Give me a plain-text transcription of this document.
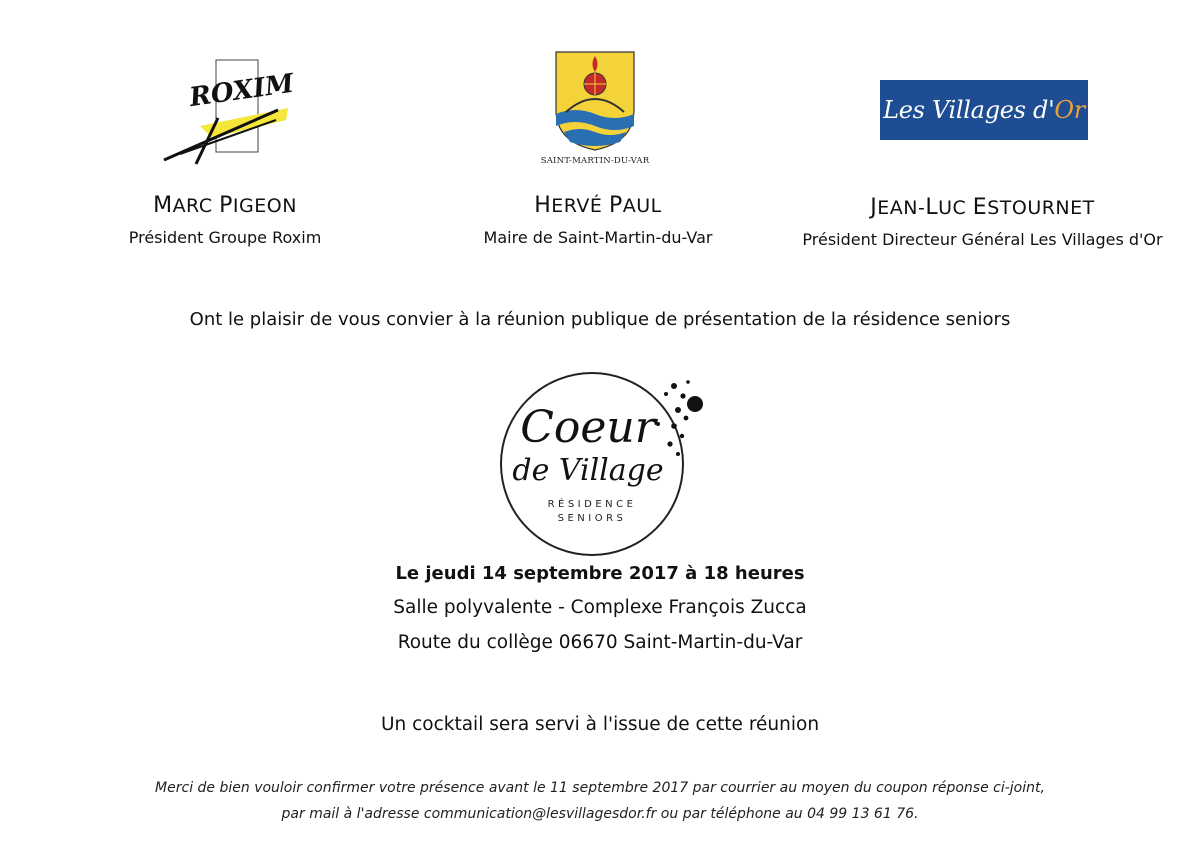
ROXIM
SAINT-MARTIN-DU-VAR
Les Villages d'Or
MARC PIGEON
Président Groupe Roxim
HERVÉ PAUL
Maire de Saint-Martin-du-Var
JEAN-LUC ESTOURNET
Président Directeur Général Les Villages d'Or
Ont le plaisir de vous convier à la réunion publique de présentation de la résidence seniors
Coeur
de Village
RÉSIDENCE
SENIORS
Le jeudi 14 septembre 2017 à 18 heures
Salle polyvalente - Complexe François Zucca
Route du collège 06670 Saint-Martin-du-Var
Un cocktail sera servi à l'issue de cette réunion
Merci de bien vouloir confirmer votre présence avant le 11 septembre 2017 par courrier au moyen du coupon réponse ci-joint,
par mail à l'adresse communication@lesvillagesdor.fr ou par téléphone au 04 99 13 61 76.
